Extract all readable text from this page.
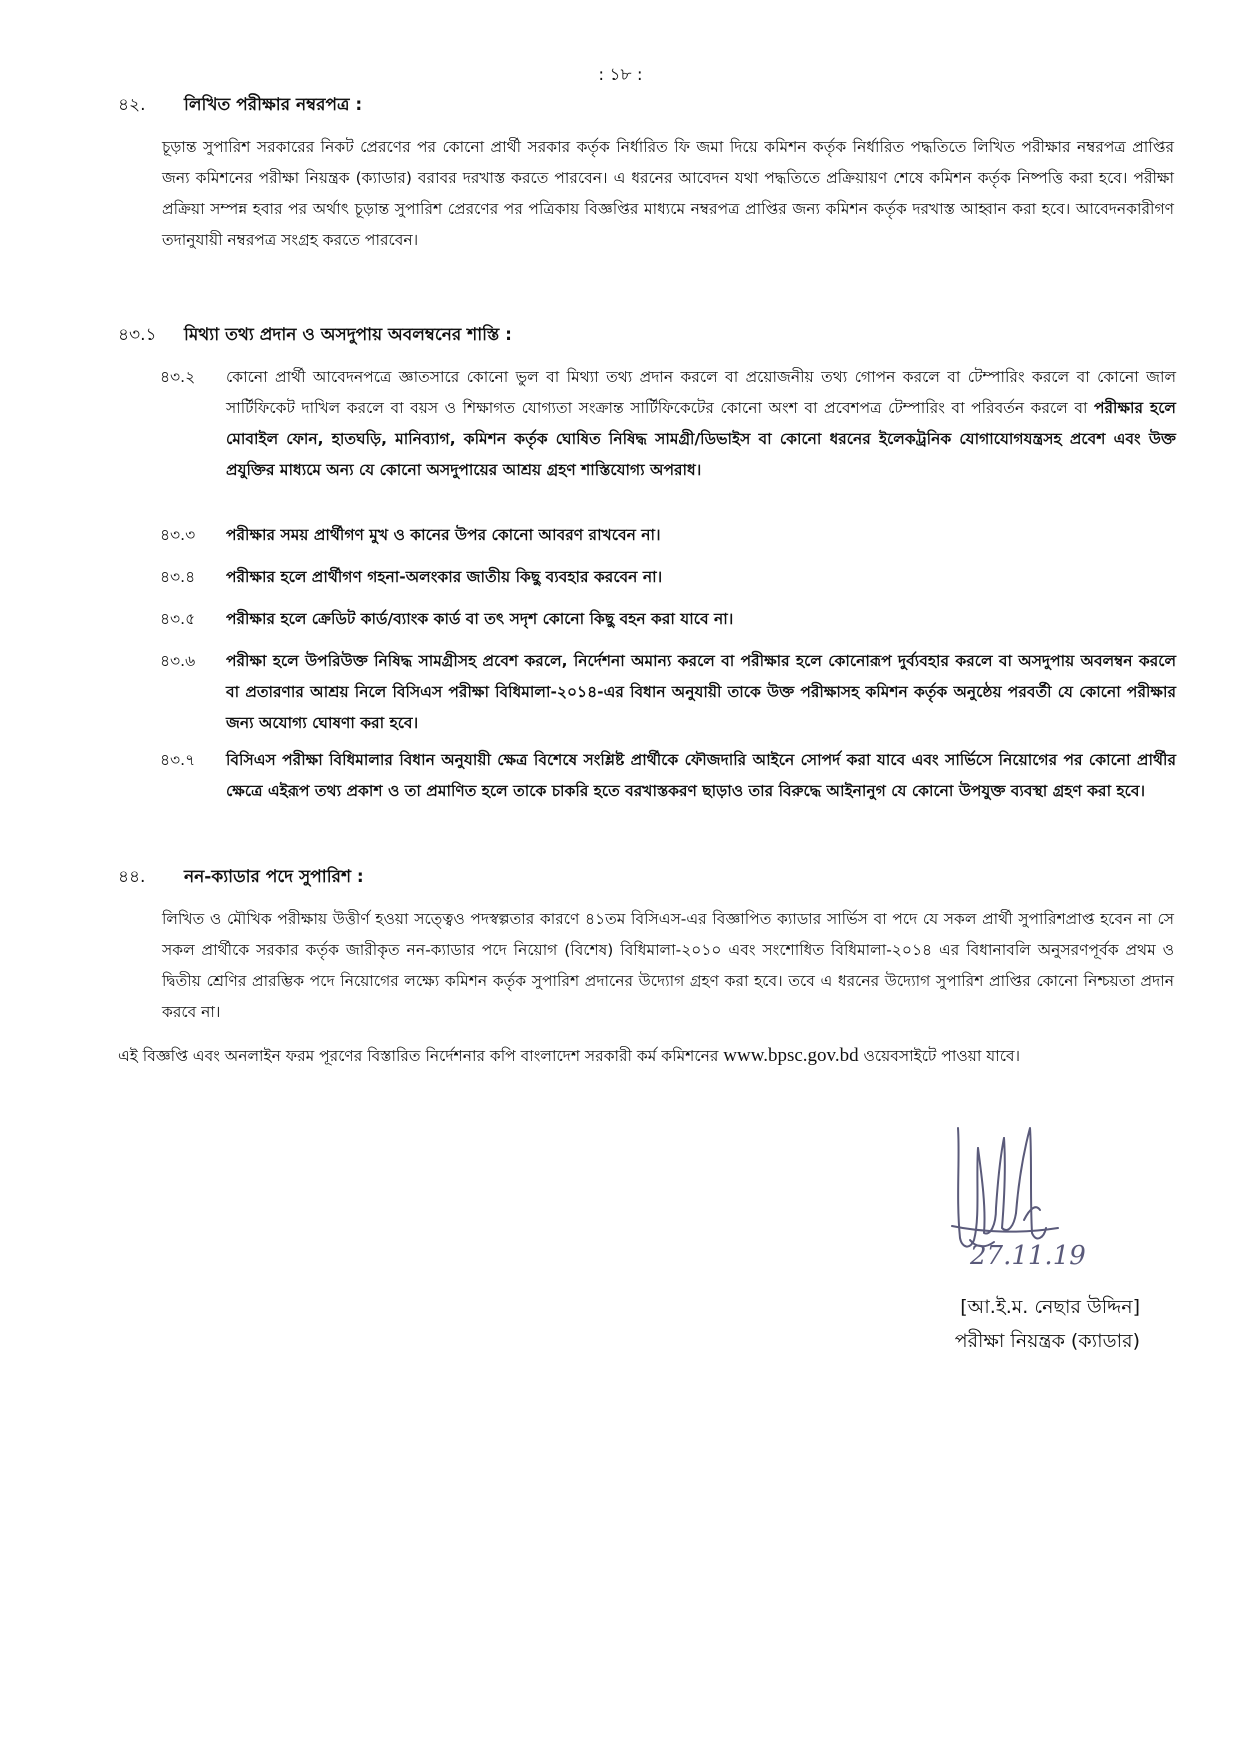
: ১৮ :
৪২.	লিখিত পরীক্ষার নম্বরপত্র :

চূড়ান্ত সুপারিশ সরকারের নিকট প্রেরণের পর কোনো প্রার্থী সরকার কর্তৃক নির্ধারিত ফি জমা দিয়ে কমিশন কর্তৃক নির্ধারিত পদ্ধতিতে লিখিত পরীক্ষার নম্বরপত্র প্রাপ্তির জন্য কমিশনের পরীক্ষা নিয়ন্ত্রক (ক্যাডার) বরাবর দরখাস্ত করতে পারবেন। এ ধরনের আবেদন যথা পদ্ধতিতে প্রক্রিয়ায়ণ শেষে কমিশন কর্তৃক নিষ্পত্তি করা হবে। পরীক্ষা প্রক্রিয়া সম্পন্ন হবার পর অর্থাৎ চূড়ান্ত সুপারিশ প্রেরণের পর পত্রিকায় বিজ্ঞপ্তির মাধ্যমে নম্বরপত্র প্রাপ্তির জন্য কমিশন কর্তৃক দরখাস্ত আহ্বান করা হবে। আবেদনকারীগণ তদানুযায়ী নম্বরপত্র সংগ্রহ করতে পারবেন।

৪৩.১	মিথ্যা তথ্য প্রদান ও অসদুপায় অবলম্বনের শাস্তি :
৪৩.২	কোনো প্রার্থী আবেদনপত্রে জ্ঞাতসারে কোনো ভুল বা মিথ্যা তথ্য প্রদান করলে বা প্রয়োজনীয় তথ্য গোপন করলে বা টেম্পারিং করলে বা কোনো জাল সার্টিফিকেট দাখিল করলে বা বয়স ও শিক্ষাগত যোগ্যতা সংক্রান্ত সার্টিফিকেটের কোনো অংশ বা প্রবেশপত্র টেম্পারিং বা পরিবর্তন করলে বা পরীক্ষার হলে মোবাইল ফোন, হাতঘড়ি, মানিব্যাগ, কমিশন কর্তৃক ঘোষিত নিষিদ্ধ সামগ্রী/ডিভাইস বা কোনো ধরনের ইলেকট্রনিক যোগাযোগযন্ত্রসহ প্রবেশ এবং উক্ত প্রযুক্তির মাধ্যমে অন্য যে কোনো অসদুপায়ের আশ্রয় গ্রহণ শাস্তিযোগ্য অপরাধ।
৪৩.৩	পরীক্ষার সময় প্রার্থীগণ মুখ ও কানের উপর কোনো আবরণ রাখবেন না।
৪৩.৪	পরীক্ষার হলে প্রার্থীগণ গহনা-অলংকার জাতীয় কিছু ব্যবহার করবেন না।
৪৩.৫	পরীক্ষার হলে ক্রেডিট কার্ড/ব্যাংক কার্ড বা তৎ সদৃশ কোনো কিছু বহন করা যাবে না।
৪৩.৬	পরীক্ষা হলে উপরিউক্ত নিষিদ্ধ সামগ্রীসহ প্রবেশ করলে, নির্দেশনা অমান্য করলে বা পরীক্ষার হলে কোনোরূপ দুর্ব্যবহার করলে বা অসদুপায় অবলম্বন করলে বা প্রতারণার আশ্রয় নিলে বিসিএস পরীক্ষা বিধিমালা-২০১৪-এর বিধান অনুযায়ী তাকে উক্ত পরীক্ষাসহ কমিশন কর্তৃক অনুষ্ঠেয় পরবর্তী যে কোনো পরীক্ষার জন্য অযোগ্য ঘোষণা করা হবে।
৪৩.৭	বিসিএস পরীক্ষা বিধিমালার বিধান অনুযায়ী ক্ষেত্র বিশেষে সংশ্লিষ্ট প্রার্থীকে ফৌজদারি আইনে সোপর্দ করা যাবে এবং সার্ভিসে নিয়োগের পর কোনো প্রার্থীর ক্ষেত্রে এইরূপ তথ্য প্রকাশ ও তা প্রমাণিত হলে তাকে চাকরি হতে বরখাস্তকরণ ছাড়াও তার বিরুদ্ধে আইনানুগ যে কোনো উপযুক্ত ব্যবস্থা গ্রহণ করা হবে।
৪৪.	নন-ক্যাডার পদে সুপারিশ :

লিখিত ও মৌখিক পরীক্ষায় উত্তীর্ণ হওয়া সত্ত্বেও পদস্বল্পতার কারণে ৪১তম বিসিএস-এর বিজ্ঞাপিত ক্যাডার সার্ভিস বা পদে যে সকল প্রার্থী সুপারিশপ্রাপ্ত হবেন না সে সকল প্রার্থীকে সরকার কর্তৃক জারীকৃত নন-ক্যাডার পদে নিয়োগ (বিশেষ) বিধিমালা-২০১০ এবং সংশোধিত বিধিমালা-২০১৪ এর বিধানাবলি অনুসরণপূর্বক প্রথম ও দ্বিতীয় শ্রেণির প্রারম্ভিক পদে নিয়োগের লক্ষ্যে কমিশন কর্তৃক সুপারিশ প্রদানের উদ্যোগ গ্রহণ করা হবে। তবে এ ধরনের উদ্যোগ সুপারিশ প্রাপ্তির কোনো নিশ্চয়তা প্রদান করবে না।

এই বিজ্ঞপ্তি এবং অনলাইন ফরম পূরণের বিস্তারিত নির্দেশনার কপি বাংলাদেশ সরকারী কর্ম কমিশনের www.bpsc.gov.bd ওয়েবসাইটে পাওয়া যাবে।

27.11.19
[আ.ই.ম. নেছার উদ্দিন]
পরীক্ষা নিয়ন্ত্রক (ক্যাডার)
